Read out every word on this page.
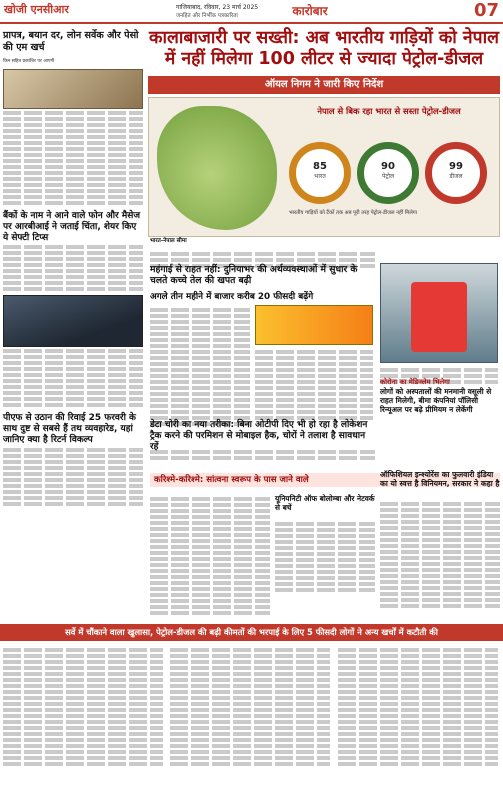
खोजी एनसीआर	गाजियाबाद, रविवार, 23 मार्च 2025
जनहित और निर्भीक पत्रकारिता	कारोबार	07
प्रापत्र, बयान दर, लोन सर्वेक और पेसो की एम खर्च
किन सहित प्रकांचिर पर आएगी
बैंकों के नाम ने आने वाले फोन और मैसेज पर आरबीआई ने जताई चिंता, शेयर किए ये सेफ्टी टिप्स
पीएफ से उठान की रिवाई 25 फरवरी के साथ दुष्ट से सबसे हैं तथ व्यवहारेड, यहां जानिए क्या है रिटर्न विकल्प
कालाबाजारी पर सख्ती: अब भारतीय गाड़ियों को नेपाल में नहीं मिलेगा 100 लीटर से ज्यादा पेट्रोल-डीजल
ऑयल निगम ने जारी किए निर्देश
नेपाल से बिक रहा भारत से सस्ता पेट्रोल-डीजल
85
भारत
90
पेट्रोल
99
डीजल
भारतीय गाड़ियों को टैंकों तक अब पूरी तरह पेट्रोल-डीजल नहीं मिलेगा
भारत-नेपाल सीमा
महंगाई से राहत नहीं: दुनियाभर की अर्थव्यवस्थाओं में सुधार के चलते कच्चे तेल की खपत बढ़ी
अगले तीन महीने में बाजार करीब 20 फीसदी बढ़ेंगे
कोरोना का मेडिक्लेम भिलेगा
लोगों को अस्पतालों की मनमानी वसूली से राहत मिलेगी, बीमा कंपनियां पॉलिसी रिन्यूअल पर बढ़े प्रीमियम न लेकेंगी
डेटा चोरी का नया तरीका: बिना ओटीपी दिए भी हो रहा है लोकेशन ट्रैक करने की परमिशन से मोबाइल हैक, चोरों ने तलाश है सावधान रहें
करिश्मे-करिश्मे: सांत्वना स्वरूप के पास जाने वाले
यूनियनिटी ऑफ बोलोम्बा और नेटवर्क से बचें
ऑफिशियल इन्श्योरेंस का फुलवारी इंडिया का यो स्वत्त है विनियमन, सरकार ने कहा है
सर्वे में चौंकाने वाला खुलासा, पेट्रोल-डीजल की बढ़ी कीमतों की भरपाई के लिए 5 फीसदी लोगों ने अन्य खर्चों में कटौती की
